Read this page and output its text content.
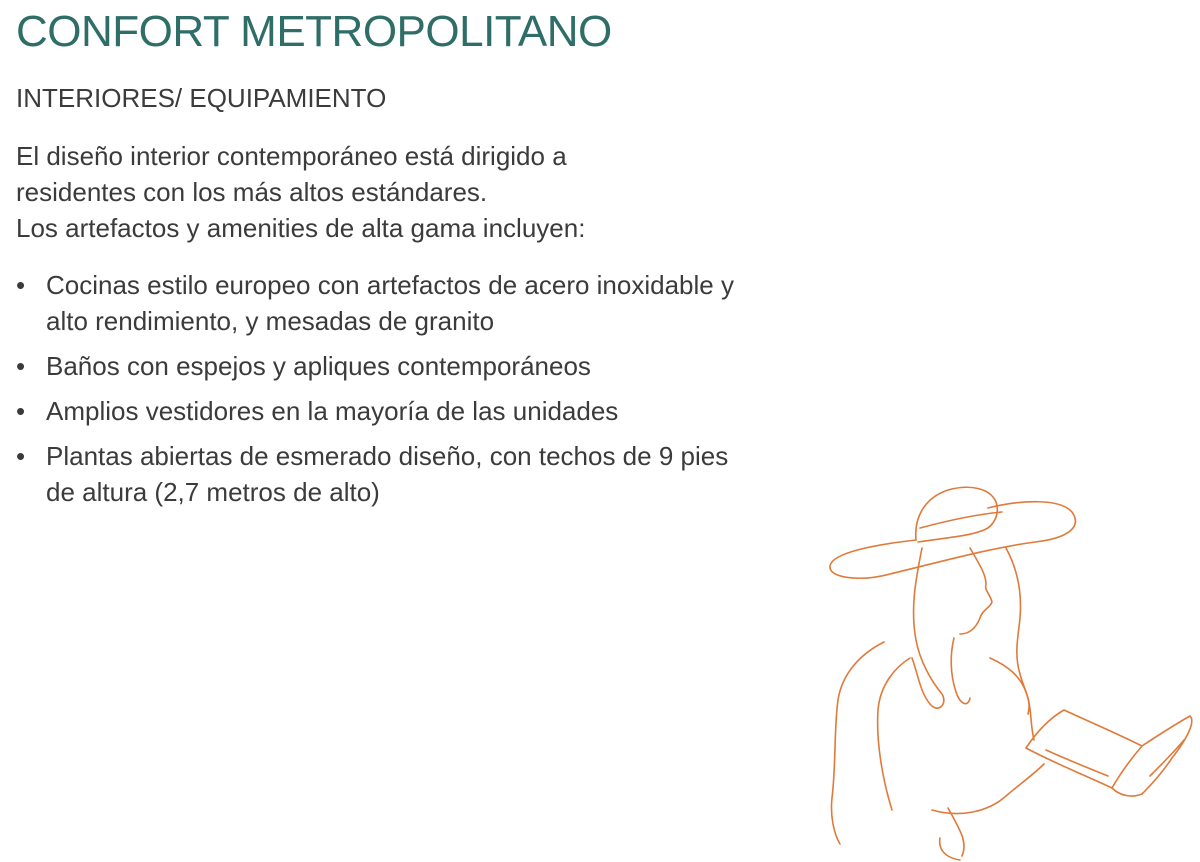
CONFORT METROPOLITANO
INTERIORES/ EQUIPAMIENTO

El diseño interior contemporáneo está dirigido a
residentes con los más altos estándares.
Los artefactos y amenities de alta gama incluyen:

• Cocinas estilo europeo con artefactos de acero inoxidable y
alto rendimiento, y mesadas de granito
• Baños con espejos y apliques contemporáneos
• Amplios vestidores en la mayoría de las unidades
• Plantas abiertas de esmerado diseño, con techos de 9 pies
de altura (2,7 metros de alto)
